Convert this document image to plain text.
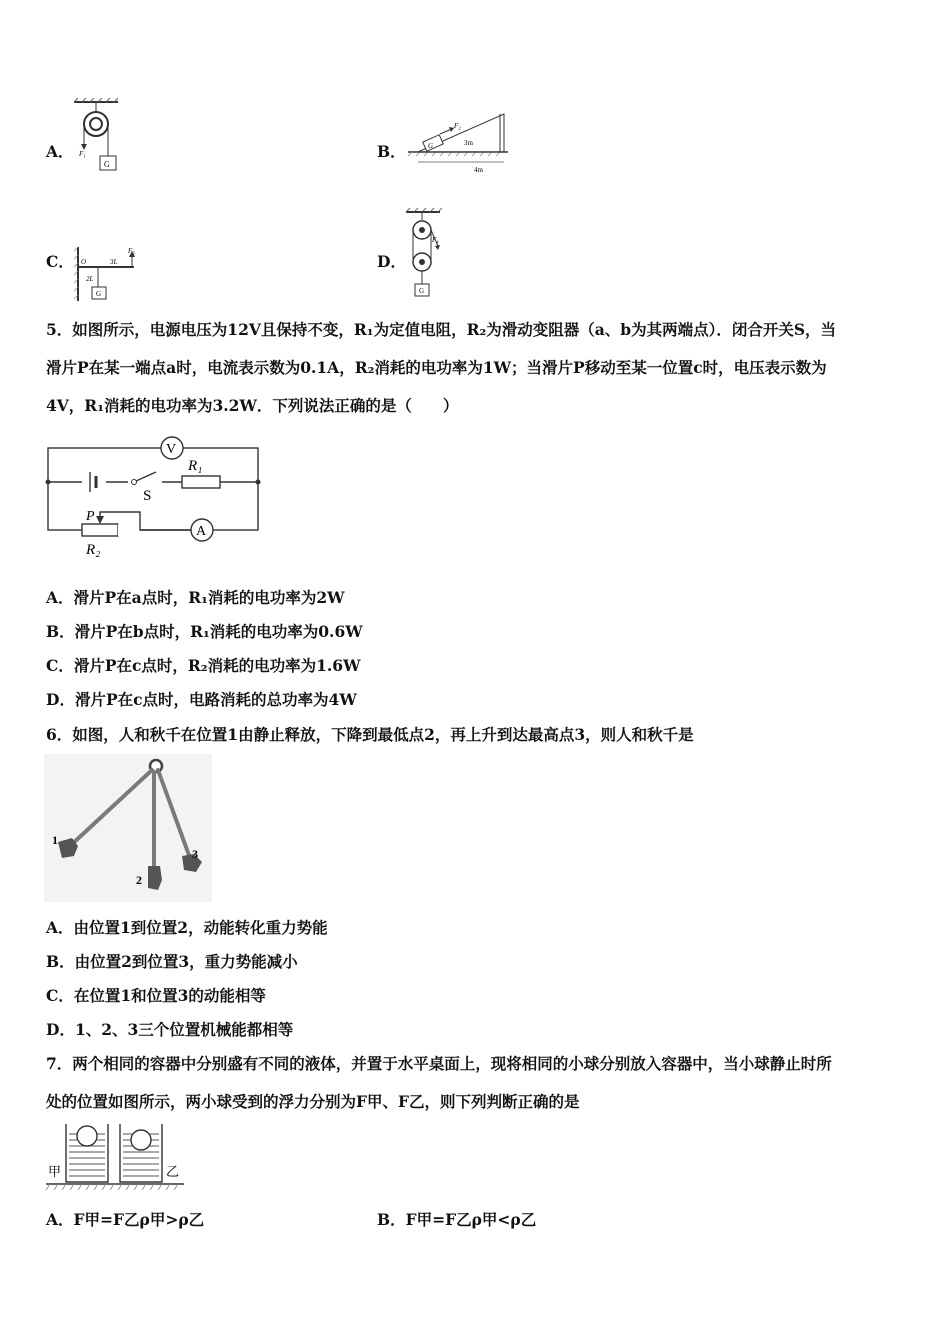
A． F₁
G
B．	G
F₂
3m
4m
C． O	3L
F₃
2L
G
D．
F₄
G
5．如图所示，电源电压为12V且保持不变，R₁为定值电阻，R₂为滑动变阻器（a、b为其两端点）．闭合开关S，当
滑片P在某一端点a时，电流表示数为0.1A，R₂消耗的电功率为1W；当滑片P移动至某一位置c时，电压表示数为
4V，R₁消耗的电功率为3.2W．下列说法正确的是（　　）
V
S
R₁
P
R₂
A
A．滑片P在a点时，R₁消耗的电功率为2W
B．滑片P在b点时，R₁消耗的电功率为0.6W
C．滑片P在c点时，R₂消耗的电功率为1.6W
D．滑片P在c点时，电路消耗的总功率为4W
6．如图，人和秋千在位置1由静止释放，下降到最低点2，再上升到达最高点3，则人和秋千是
1
2
3
A．由位置1到位置2，动能转化重力势能
B．由位置2到位置3，重力势能减小
C．在位置1和位置3的动能相等
D．1、2、3三个位置机械能都相等
7．两个相同的容器中分别盛有不同的液体，并置于水平桌面上，现将相同的小球分别放入容器中，当小球静止时所
处的位置如图所示，两小球受到的浮力分别为F甲、F乙，则下列判断正确的是
甲	乙
A．F甲=F乙ρ甲>ρ乙	B．F甲=F乙ρ甲<ρ乙
